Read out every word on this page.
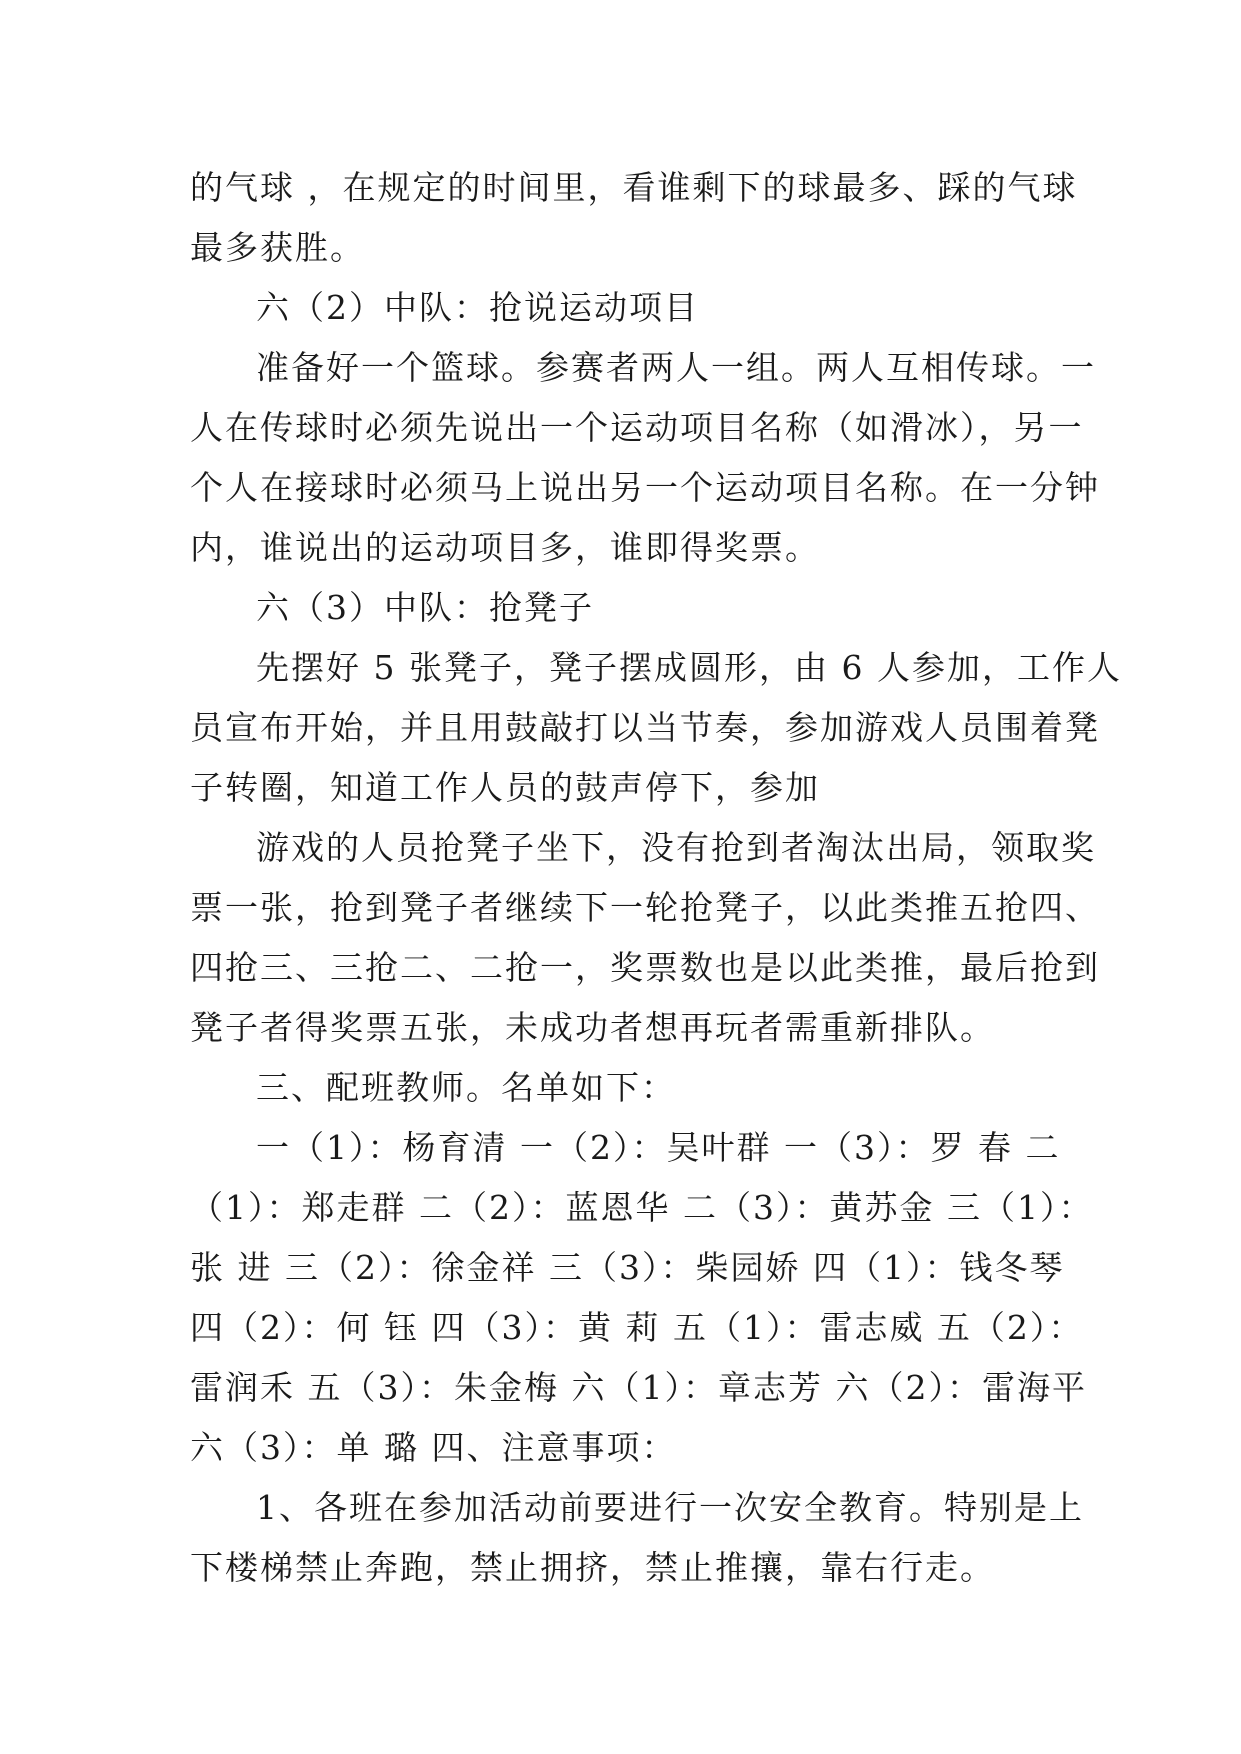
的气球 ，在规定的时间里，看谁剩下的球最多、踩的气球
最多获胜。
六（2）中队：抢说运动项目
准备好一个篮球。参赛者两人一组。两人互相传球。一
人在传球时必须先说出一个运动项目名称（如滑冰），另一
个人在接球时必须马上说出另一个运动项目名称。在一分钟
内，谁说出的运动项目多，谁即得奖票。
六（3）中队：抢凳子
先摆好 5 张凳子，凳子摆成圆形，由 6 人参加，工作人
员宣布开始，并且用鼓敲打以当节奏，参加游戏人员围着凳
子转圈，知道工作人员的鼓声停下，参加
游戏的人员抢凳子坐下，没有抢到者淘汰出局，领取奖
票一张，抢到凳子者继续下一轮抢凳子，以此类推五抢四、
四抢三、三抢二、二抢一，奖票数也是以此类推，最后抢到
凳子者得奖票五张，未成功者想再玩者需重新排队。
三、配班教师。名单如下：
一（1）：杨育清 一（2）：吴叶群 一（3）：罗 春 二
（1）：郑走群 二（2）：蓝恩华 二（3）：黄苏金 三（1）：
张 进 三（2）：徐金祥 三（3）：柴园娇 四（1）：钱冬琴
四（2）：何 钰 四（3）：黄 莉 五（1）：雷志威 五（2）：
雷润禾 五（3）：朱金梅 六（1）：章志芳 六（2）：雷海平
六（3）：单 璐 四、注意事项：
1、各班在参加活动前要进行一次安全教育。特别是上
下楼梯禁止奔跑，禁止拥挤，禁止推攘，靠右行走。
